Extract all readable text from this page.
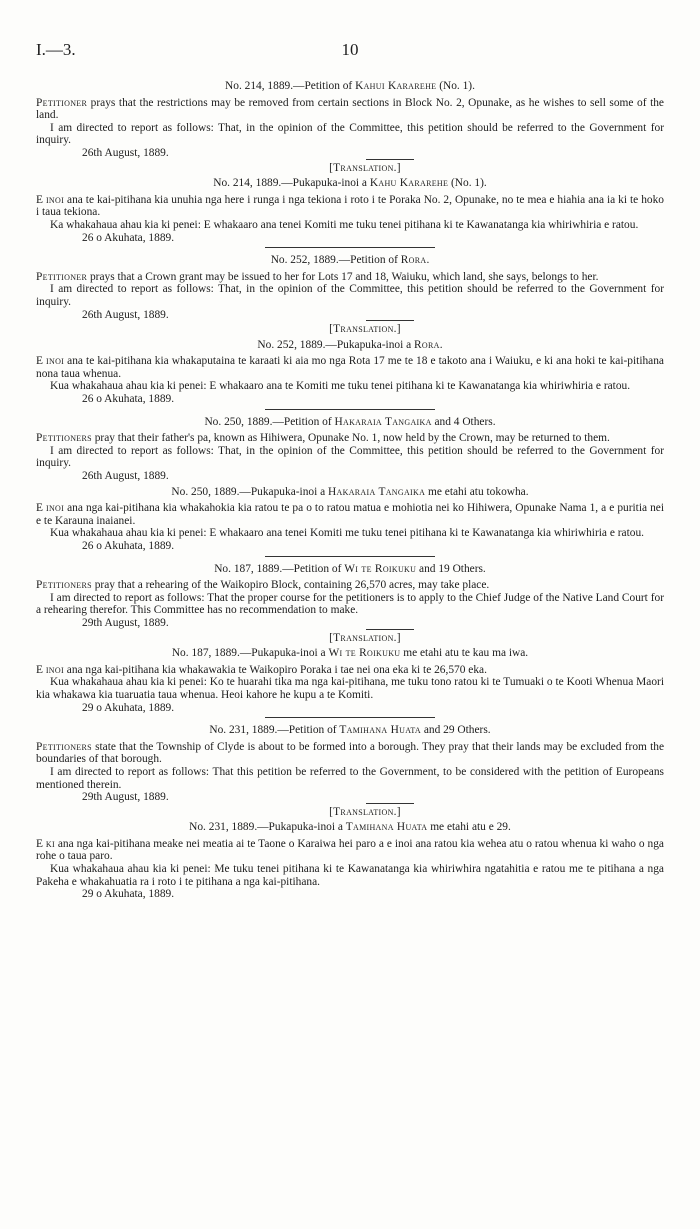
I.—3.	10

No. 214, 1889.—Petition of Kahui Kararehe (No. 1).

Petitioner prays that the restrictions may be removed from certain sections in Block No. 2, Opunake, as he wishes to sell some of the land.

I am directed to report as follows: That, in the opinion of the Committee, this petition should be referred to the Government for inquiry.

26th August, 1889.

[Translation.]

No. 214, 1889.—Pukapuka-inoi a Kahu Kararehe (No. 1).

E inoi ana te kai-pitihana kia unuhia nga here i runga i nga tekiona i roto i te Poraka No. 2, Opunake, no te mea e hiahia ana ia ki te hoko i taua tekiona.

Ka whakahaua ahau kia ki penei: E whakaaro ana tenei Komiti me tuku tenei pitihana ki te Kawanatanga kia whiriwhiria e ratou.

26 o Akuhata, 1889.

No. 252, 1889.—Petition of Rora.

Petitioner prays that a Crown grant may be issued to her for Lots 17 and 18, Waiuku, which land, she says, belongs to her.

I am directed to report as follows: That, in the opinion of the Committee, this petition should be referred to the Government for inquiry.

26th August, 1889.

[Translation.]

No. 252, 1889.—Pukapuka-inoi a Rora.

E inoi ana te kai-pitihana kia whakaputaina te karaati ki aia mo nga Rota 17 me te 18 e takoto ana i Waiuku, e ki ana hoki te kai-pitihana nona taua whenua.

Kua whakahaua ahau kia ki penei: E whakaaro ana te Komiti me tuku tenei pitihana ki te Kawanatanga kia whiriwhiria e ratou.

26 o Akuhata, 1889.

No. 250, 1889.—Petition of Hakaraia Tangaika and 4 Others.

Petitioners pray that their father's pa, known as Hihiwera, Opunake No. 1, now held by the Crown, may be returned to them.

I am directed to report as follows: That, in the opinion of the Committee, this petition should be referred to the Government for inquiry.

26th August, 1889.

No. 250, 1889.—Pukapuka-inoi a Hakaraia Tangaika me etahi atu tokowha.

E inoi ana nga kai-pitihana kia whakahokia kia ratou te pa o to ratou matua e mohiotia nei ko Hihiwera, Opunake Nama 1, a e puritia nei e te Karauna inaianei.

Kua whakahaua ahau kia ki penei: E whakaaro ana tenei Komiti me tuku tenei pitihana ki te Kawanatanga kia whiriwhiria e ratou.

26 o Akuhata, 1889.

No. 187, 1889.—Petition of Wi te Roikuku and 19 Others.

Petitioners pray that a rehearing of the Waikopiro Block, containing 26,570 acres, may take place.

I am directed to report as follows: That the proper course for the petitioners is to apply to the Chief Judge of the Native Land Court for a rehearing therefor. This Committee has no recommendation to make.

29th August, 1889.

[Translation.]

No. 187, 1889.—Pukapuka-inoi a Wi te Roikuku me etahi atu te kau ma iwa.

E inoi ana nga kai-pitihana kia whakawakia te Waikopiro Poraka i tae nei ona eka ki te 26,570 eka.

Kua whakahaua ahau kia ki penei: Ko te huarahi tika ma nga kai-pitihana, me tuku tono ratou ki te Tumuaki o te Kooti Whenua Maori kia whakawa kia tuaruatia taua whenua. Heoi kahore he kupu a te Komiti.

29 o Akuhata, 1889.

No. 231, 1889.—Petition of Tamihana Huata and 29 Others.

Petitioners state that the Township of Clyde is about to be formed into a borough. They pray that their lands may be excluded from the boundaries of that borough.

I am directed to report as follows: That this petition be referred to the Government, to be considered with the petition of Europeans mentioned therein.

29th August, 1889.

[Translation.]

No. 231, 1889.—Pukapuka-inoi a Tamihana Huata me etahi atu e 29.

E ki ana nga kai-pitihana meake nei meatia ai te Taone o Karaiwa hei paro a e inoi ana ratou kia wehea atu o ratou whenua ki waho o nga rohe o taua paro.

Kua whakahaua ahau kia ki penei: Me tuku tenei pitihana ki te Kawanatanga kia whiriwhira ngatahitia e ratou me te pitihana a nga Pakeha e whakahuatia ra i roto i te pitihana a nga kai-pitihana.

29 o Akuhata, 1889.
